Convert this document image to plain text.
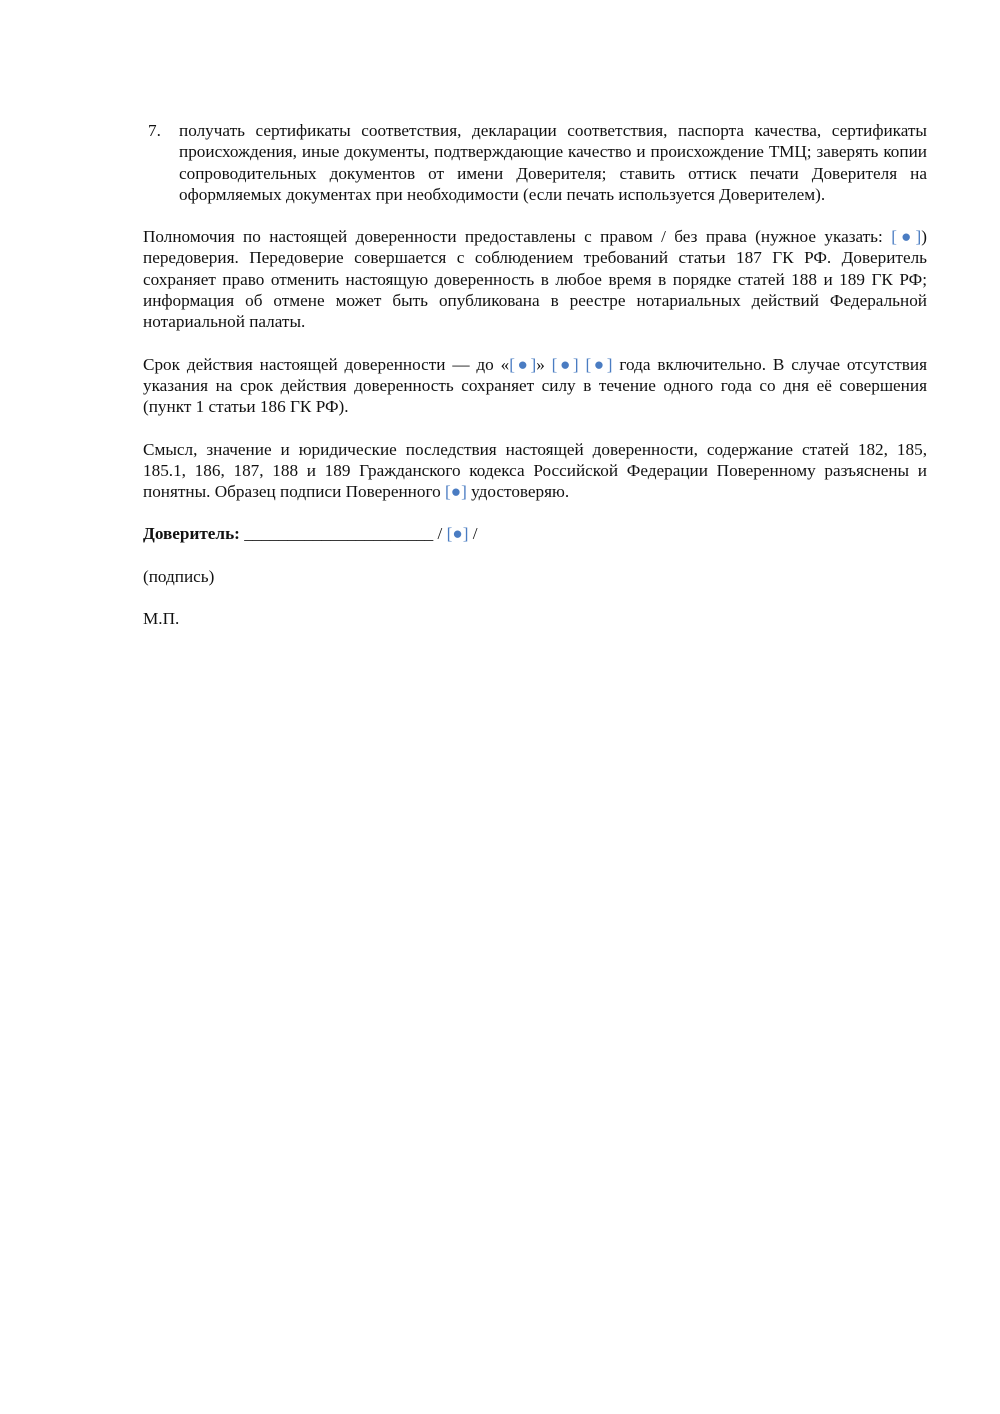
7. получать сертификаты соответствия, декларации соответствия, паспорта качества, сертификаты происхождения, иные документы, подтверждающие качество и происхождение ТМЦ; заверять копии сопроводительных документов от имени Доверителя; ставить оттиск печати Доверителя на оформляемых документах при необходимости (если печать используется Доверителем).

Полномочия по настоящей доверенности предоставлены с правом / без права (нужное указать: [●]) передоверия. Передоверие совершается с соблюдением требований статьи 187 ГК РФ. Доверитель сохраняет право отменить настоящую доверенность в любое время в порядке статей 188 и 189 ГК РФ; информация об отмене может быть опубликована в реестре нотариальных действий Федеральной нотариальной палаты.

Срок действия настоящей доверенности — до «[●]» [●] [●] года включительно. В случае отсутствия указания на срок действия доверенность сохраняет силу в течение одного года со дня её совершения (пункт 1 статьи 186 ГК РФ).

Смысл, значение и юридические последствия настоящей доверенности, содержание статей 182, 185, 185.1, 186, 187, 188 и 189 Гражданского кодекса Российской Федерации Поверенному разъяснены и понятны. Образец подписи Поверенного [●] удостоверяю.

Доверитель: ______________________ / [●] /
(подпись)
М.П.
